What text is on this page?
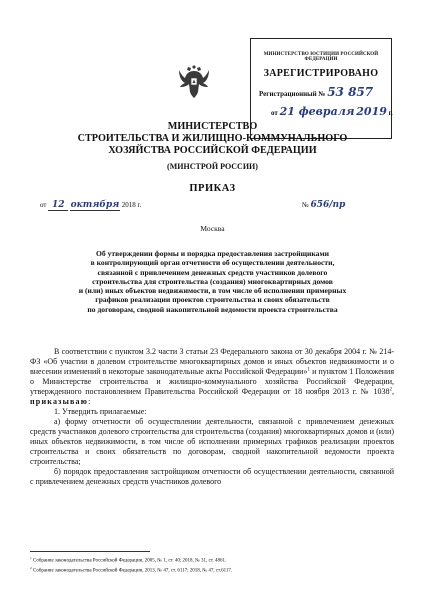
МИНИСТЕРСТВО ЮСТИЦИИ РОССИЙСКОЙ ФЕДЕРАЦИИ
ЗАРЕГИСТРИРОВАНО
Регистрационный № 53 857
от 21 февраля 2019 г.
МИНИСТЕРСТВО
СТРОИТЕЛЬСТВА И ЖИЛИЩНО-КОММУНАЛЬНОГО
ХОЗЯЙСТВА РОССИЙСКОЙ ФЕДЕРАЦИИ
(МИНСТРОЙ РОССИИ)
ПРИКАЗ
от 12 октября 2018 г.	№ 656/пр
Москва
Об утверждении формы и порядка предоставления застройщиками
в контролирующий орган отчетности об осуществлении деятельности,
связанной с привлечением денежных средств участников долевого
строительства для строительства (создания) многоквартирных домов
и (или) иных объектов недвижимости, в том числе об исполнении примерных
графиков реализации проектов строительства и своих обязательств
по договорам, сводной накопительной ведомости проекта строительства

В соответствии с пунктом 3.2 части 3 статьи 23 Федерального закона от 30 декабря 2004 г. № 214-ФЗ «Об участии в долевом строительстве многоквартирных домов и иных объектов недвижимости и о внесении изменений в некоторые законодательные акты Российской Федерации»$^1$ и пунктом 1 Положения о Министерстве строительства и жилищно-коммунального хозяйства Российской Федерации, утвержденного постановлением Правительства Российской Федерации от 18 ноября 2013 г. № 1038$^2$, приказываю:

1. Утвердить прилагаемые:

а) форму отчетности об осуществлении деятельности, связанной с привлечением денежных средств участников долевого строительства для строительства (создания) многоквартирных домов и (или) иных объектов недвижимости, в том числе об исполнении примерных графиков реализации проектов строительства и своих обязательств по договорам, сводной накопительной ведомости проекта строительства;

б) порядок предоставления застройщиком отчетности об осуществлении деятельности, связанной с привлечением денежных средств участников долевого

$^1$ Собрание законодательства Российской Федерации, 2005, № 1, ст. 40; 2018, № 31, ст. 4861.
$^2$ Собрание законодательства Российской Федерации, 2013, № 47, ст. 6117; 2018, № 47, ст.6117.
